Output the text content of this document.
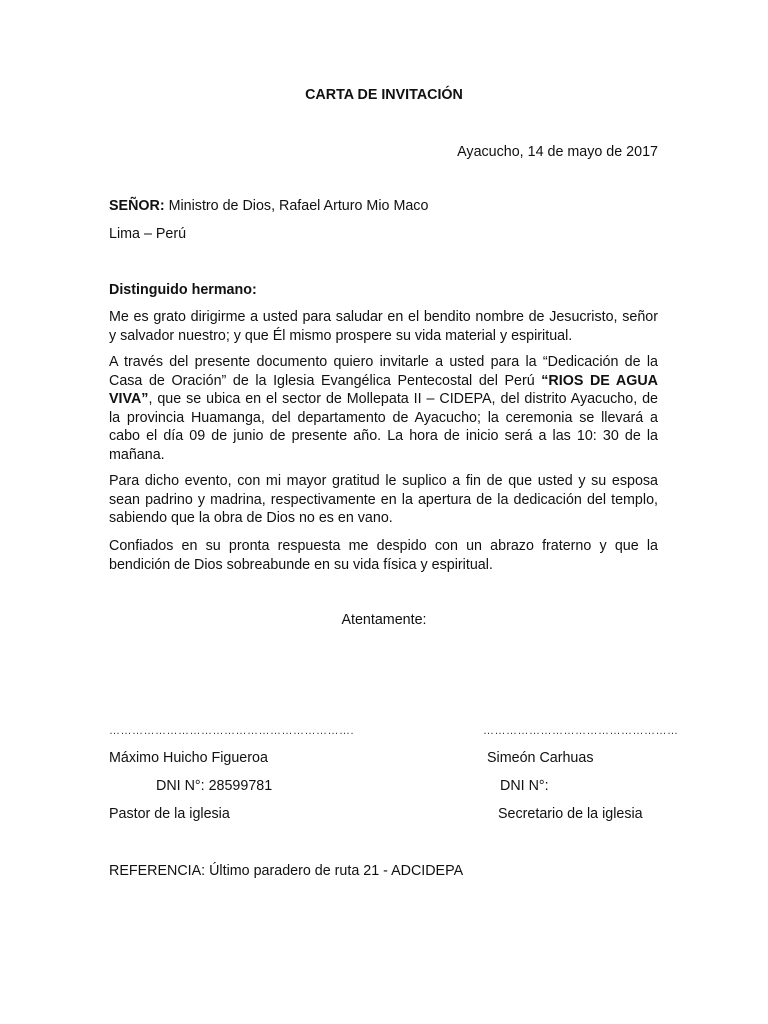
CARTA DE INVITACIÓN
Ayacucho, 14 de mayo de 2017
SEÑOR: Ministro de Dios, Rafael Arturo Mio Maco
Lima – Perú
Distinguido hermano:

Me es grato dirigirme a usted para saludar en el bendito nombre de Jesucristo, señor y salvador nuestro; y que Él mismo prospere su vida material y espiritual.

A través del presente documento quiero invitarle a usted para la “Dedicación de la Casa de Oración” de la Iglesia Evangélica Pentecostal del Perú “RIOS DE AGUA VIVA”, que se ubica en el sector de Mollepata II – CIDEPA, del distrito Ayacucho, de la provincia Huamanga, del departamento de Ayacucho; la ceremonia se llevará a cabo el día 09 de junio de presente año. La hora de inicio será a las 10: 30 de la mañana.

Para dicho evento, con mi mayor gratitud le suplico a fin de que usted y su esposa sean padrino y madrina, respectivamente en la apertura de la dedicación del templo, sabiendo que la obra de Dios no es en vano.

Confiados en su pronta respuesta me despido con un abrazo fraterno y que la bendición de Dios sobreabunde en su vida física y espiritual.

Atentamente:
……………………………………………………….	……………………………………………
Máximo Huicho Figueroa
DNI N°: 28599781
Pastor de la iglesia
Simeón Carhuas
DNI N°:
Secretario de la iglesia
REFERENCIA: Último paradero de ruta 21 - ADCIDEPA
